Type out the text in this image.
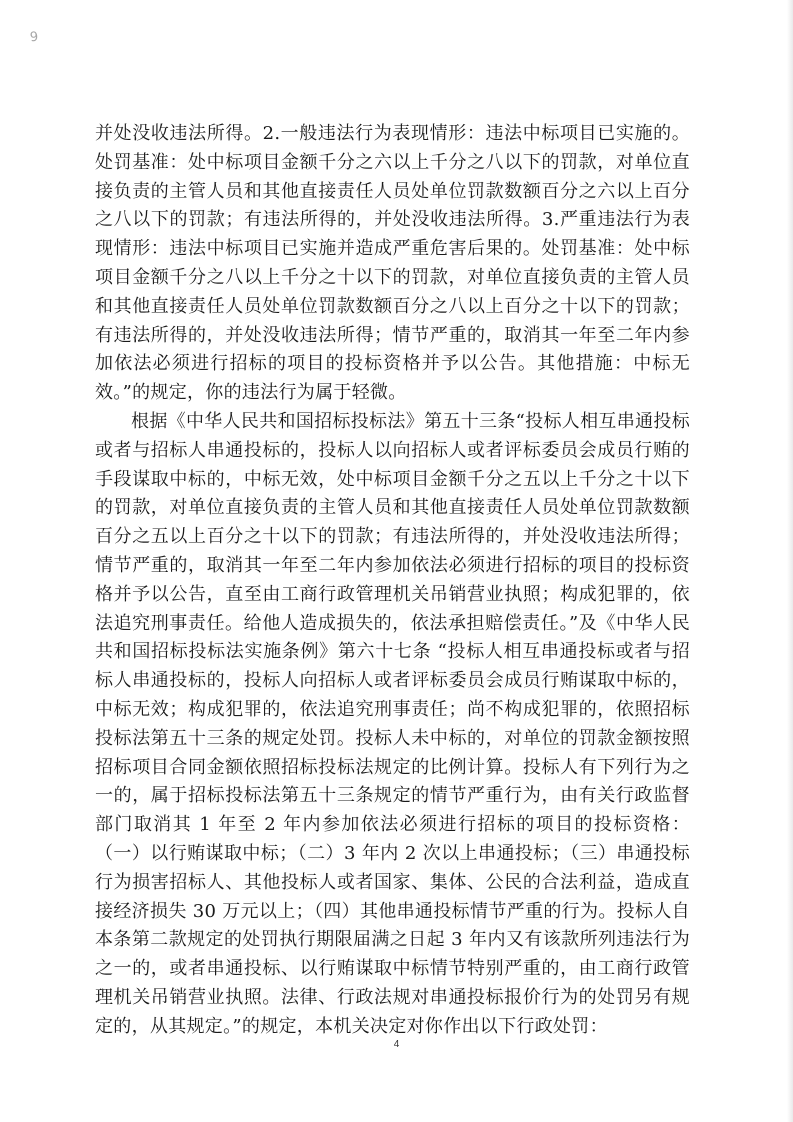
9

并处没收违法所得。2.一般违法行为表现情形：违法中标项目已实施的。处罚基准：处中标项目金额千分之六以上千分之八以下的罚款，对单位直接负责的主管人员和其他直接责任人员处单位罚款数额百分之六以上百分之八以下的罚款；有违法所得的，并处没收违法所得。3.严重违法行为表现情形：违法中标项目已实施并造成严重危害后果的。处罚基准：处中标项目金额千分之八以上千分之十以下的罚款，对单位直接负责的主管人员和其他直接责任人员处单位罚款数额百分之八以上百分之十以下的罚款；有违法所得的，并处没收违法所得；情节严重的，取消其一年至二年内参加依法必须进行招标的项目的投标资格并予以公告。其他措施：中标无效。”的规定，你的违法行为属于轻微。

根据《中华人民共和国招标投标法》第五十三条“投标人相互串通投标或者与招标人串通投标的，投标人以向招标人或者评标委员会成员行贿的手段谋取中标的，中标无效，处中标项目金额千分之五以上千分之十以下的罚款，对单位直接负责的主管人员和其他直接责任人员处单位罚款数额百分之五以上百分之十以下的罚款；有违法所得的，并处没收违法所得；情节严重的，取消其一年至二年内参加依法必须进行招标的项目的投标资格并予以公告，直至由工商行政管理机关吊销营业执照；构成犯罪的，依法追究刑事责任。给他人造成损失的，依法承担赔偿责任。”及《中华人民共和国招标投标法实施条例》第六十七条 “投标人相互串通投标或者与招标人串通投标的，投标人向招标人或者评标委员会成员行贿谋取中标的，中标无效；构成犯罪的，依法追究刑事责任；尚不构成犯罪的，依照招标投标法第五十三条的规定处罚。投标人未中标的，对单位的罚款金额按照招标项目合同金额依照招标投标法规定的比例计算。投标人有下列行为之一的，属于招标投标法第五十三条规定的情节严重行为，由有关行政监督部门取消其 1 年至 2 年内参加依法必须进行招标的项目的投标资格：（一）以行贿谋取中标；（二）3 年内 2 次以上串通投标；（三）串通投标行为损害招标人、其他投标人或者国家、集体、公民的合法利益，造成直接经济损失 30 万元以上；（四）其他串通投标情节严重的行为。投标人自本条第二款规定的处罚执行期限届满之日起 3 年内又有该款所列违法行为之一的，或者串通投标、以行贿谋取中标情节特别严重的，由工商行政管理机关吊销营业执照。法律、行政法规对串通投标报价行为的处罚另有规定的，从其规定。”的规定，本机关决定对你作出以下行政处罚：

4
